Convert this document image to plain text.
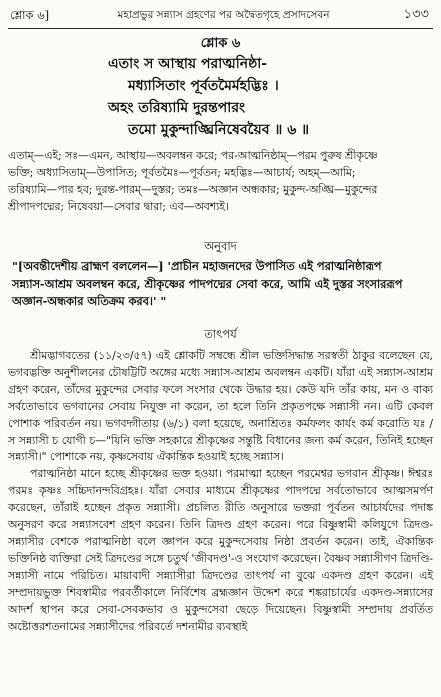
শ্লোক ৬]	মহাপ্রভুর সন্ন্যাস গ্রহণের পর অদ্বৈতগৃহে প্রসাদসেবন	১৩৩
শ্লোক ৬
এতাং স আস্থায় পরাত্মনিষ্ঠা-
মধ্যাসিতাং পূর্বতমৈর্মহদ্ভিঃ ।
অহং তরিষ্যামি দুরন্তপারং
তমো মুকুন্দাঙ্ঘ্রিনিষেবয়ৈব ॥ ৬ ॥
এতাম্—এই; সঃ—এমন, আস্থায়—অবলম্বন করে; পর-আত্মনিষ্ঠাম্—পরম পুরুষ শ্রীকৃষ্ণে
ভক্তি; অধ্যাসিতাম্—উপাসিত; পূর্বতমৈঃ—পূর্বতন; মহদ্ভিঃ—আচার্য; অহম্—আমি;
তরিষ্যামি—পার হব; দুরন্ত-পারম্—দুস্তর; তমঃ—অজ্ঞান অন্ধকার; মুকুন্দ-অঙ্ঘ্রি—মুকুন্দের
শ্রীপাদপদ্মের; নিষেবয়া—সেবার দ্বারা; এব—অবশ্যই।
অনুবাদ
"[অবন্তীদেশীয় ব্রাহ্মণ বললেন—] 'প্রাচীন মহাজনদের উপাসিত এই পরাত্মনিষ্ঠারূপ
সন্ন্যাস-আশ্রম অবলম্বন করে, শ্রীকৃষ্ণের পাদপদ্মের সেবা করে, আমি এই দুস্তর সংসাররূপ
অজ্ঞান-অন্ধকার অতিক্রম করব।' "
তাৎপর্য

শ্রীমদ্ভাগবতের (১১/২৩/৫৭) এই শ্লোকটি সম্বন্ধে শ্রীল ভক্তিসিদ্ধান্ত সরস্বতী ঠাকুর বলেছেন যে, ভগবদ্ভক্তি অনুশীলনের চৌষট্টিটি অঙ্গের মধ্যে সন্ন্যাস-আশ্রম অবলম্বন একটি। যাঁরা এই সন্ন্যাস-আশ্রম গ্রহণ করেন, তাঁদের মুকুন্দের সেবার ফলে সংসার থেকে উদ্ধার হয়। কেউ যদি তাঁর কায়, মন ও বাক্য সর্বতোভাবে ভগবানের সেবায় নিযুক্ত না করেন, তা হলে তিনি প্রকৃতপক্ষে সন্ন্যাসী নন। এটি কেবল পোশাক পরিবর্তন নয়। ভগবদ্গীতায় (৬/১) বলা হয়েছে, অনাশ্রিতঃ কর্মফলং কার্যং কর্ম করোতি যঃ / স সন্ন্যাসী চ যোগী চ—"যিনি ভক্তি সহকারে শ্রীকৃষ্ণের সন্তুষ্টি বিধানের জন্য কর্ম করেন, তিনিই হচ্ছেন সন্ন্যাসী।" পোশাকে নয়, কৃষ্ণসেবায় ঐকান্তিক হওয়াই হচ্ছে সন্ন্যাস।

পরাত্মনিষ্ঠা মানে হচ্ছে শ্রীকৃষ্ণের ভক্ত হওয়া। পরমাত্মা হচ্ছেন পরমেশ্বর ভগবান শ্রীকৃষ্ণ। ঈশ্বরঃ পরমঃ কৃষ্ণঃ সচ্চিদানন্দবিগ্রহঃ। যাঁরা সেবার মাধ্যমে শ্রীকৃষ্ণের পাদপদ্মে সর্বতোভাবে আত্মসমর্পণ করেছেন, তাঁরাই হচ্ছেন প্রকৃত সন্ন্যাসী। প্রচলিত রীতি অনুসারে ভক্তরা পূর্বতন আচার্যদের পদাঙ্ক অনুসরণ করে সন্ন্যাসবেশ গ্রহণ করেন। তিনি ত্রিদণ্ড গ্রহণ করেন। পরে বিষ্ণুস্বামী কলিযুগে ত্রিদণ্ড-সন্ন্যাসীর বেশকে পরাত্মনিষ্ঠা বলে জ্ঞাপন করে মুকুন্দসেবায় নিষ্ঠা প্রবর্তন করেন। তাই, ঐকান্তিক ভক্তিনিষ্ঠ ব্যক্তিরা সেই ত্রিদণ্ডের সঙ্গে চতুর্থ 'জীবদণ্ড'-ও সংযোগ করেছেন। বৈষ্ণব সন্ন্যাসীগণ ত্রিদণ্ডি-সন্ন্যাসী নামে পরিচিত। মায়াবাদী সন্ন্যাসীরা ত্রিদণ্ডের তাৎপর্য না বুঝে একদণ্ড গ্রহণ করেন। এই সম্প্রদায়ভুক্ত শিবস্বামীর পরবর্তীকালে নির্বিশেষ ব্রহ্মজ্ঞান উদ্দেশ করে শঙ্করাচার্যের একদণ্ড-সন্ন্যাসের আদর্শ স্থাপন করে সেবা-সেবকভাব ও মুকুন্দসেবা ছেড়ে দিয়েছেন। বিষ্ণুস্বামী সম্প্রদায় প্রবর্তিত অষ্টোত্তরশতনামের সন্ন্যাসীদের পরিবর্তে দশনামীর ব্যবস্থাই
